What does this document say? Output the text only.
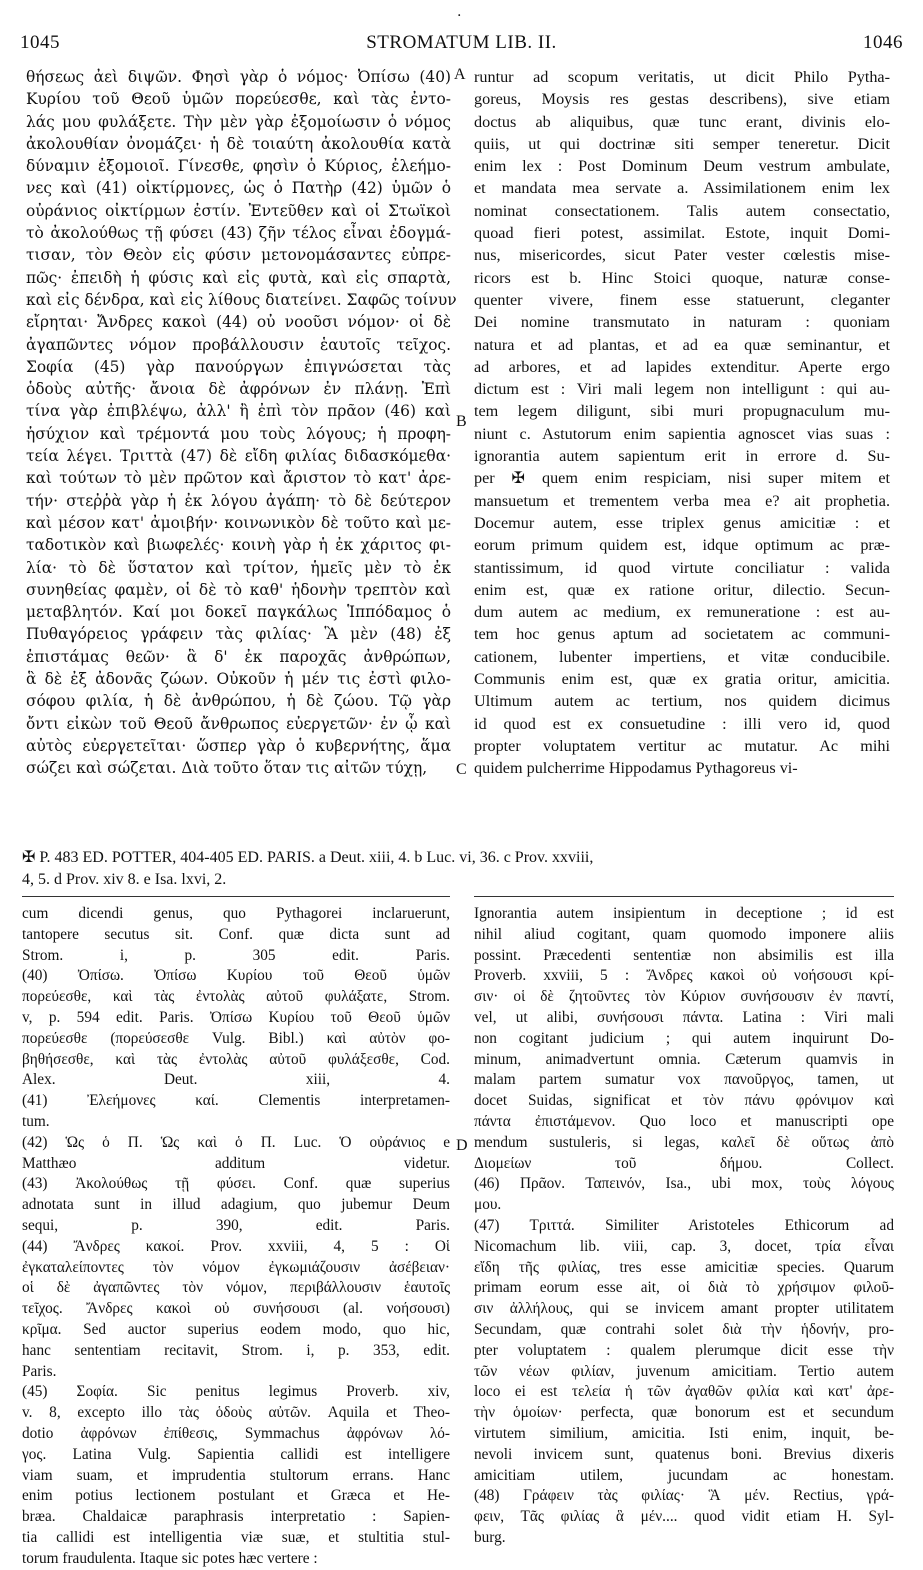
.
1045	STROMATUM LIB. II.	1046
θήσεως ἀεὶ διψῶν. Φησὶ γὰρ ὁ νόμος· Ὀπίσω (40)
Κυρίου τοῦ Θεοῦ ὑμῶν πορεύεσθε, καὶ τὰς ἐντο-
λάς μου φυλάξετε. Τὴν μὲν γὰρ ἐξομοίωσιν ὁ νόμος
ἀκολουθίαν ὀνομάζει· ἡ δὲ τοιαύτη ἀκολουθία κατὰ
δύναμιν ἐξομοιοῖ. Γίνεσθε, φησὶν ὁ Κύριος, ἐλεήμο-
νες καὶ (41) οἰκτίρμονες, ὡς ὁ Πατὴρ (42) ὑμῶν ὁ
οὐράνιος οἰκτίρμων ἐστίν. Ἐντεῦθεν καὶ οἱ Στωϊκοὶ
τὸ ἀκολούθως τῇ φύσει (43) ζῆν τέλος εἶναι ἐδογμά-
τισαν, τὸν Θεὸν εἰς φύσιν μετονομάσαντες εὐπρε-
πῶς· ἐπειδὴ ἡ φύσις καὶ εἰς φυτὰ, καὶ εἰς σπαρτὰ,
καὶ εἰς δένδρα, καὶ εἰς λίθους διατείνει. Σαφῶς τοίνυν
εἴρηται· Ἄνδρες κακοὶ (44) οὐ νοοῦσι νόμον· οἱ δὲ
ἀγαπῶντες νόμον προβάλλουσιν ἑαυτοῖς τεῖχος.
Σοφία (45) γὰρ πανούργων ἐπιγνώσεται τὰς
ὁδοὺς αὐτῆς· ἄνοια δὲ ἀφρόνων ἐν πλάνῃ. Ἐπὶ
τίνα γὰρ ἐπιβλέψω, ἀλλ' ἢ ἐπὶ τὸν πρᾶον (46) καὶ
ἡσύχιον καὶ τρέμοντά μου τοὺς λόγους; ἡ προφη-
τεία λέγει. Τριττὰ (47) δὲ εἴδη φιλίας διδασκόμεθα·
καὶ τούτων τὸ μὲν πρῶτον καὶ ἄριστον τὸ κατ' ἀρε-
τήν· στεῤῥὰ γὰρ ἡ ἐκ λόγου ἀγάπη· τὸ δὲ δεύτερον
καὶ μέσον κατ' ἀμοιβήν· κοινωνικὸν δὲ τοῦτο καὶ με-
ταδοτικὸν καὶ βιωφελές· κοινὴ γὰρ ἡ ἐκ χάριτος φι-
λία· τὸ δὲ ὕστατον καὶ τρίτον, ἡμεῖς μὲν τὸ ἐκ
συνηθείας φαμὲν, οἱ δὲ τὸ καθ' ἡδονὴν τρεπτὸν καὶ
μεταβλητόν. Καί μοι δοκεῖ παγκάλως Ἱππόδαμος ὁ
Πυθαγόρειος γράφειν τὰς φιλίας· Ἃ μὲν (48) ἐξ
ἐπιστάμας θεῶν· ἃ δ' ἐκ παροχᾶς ἀνθρώπων,
ἃ δὲ ἐξ ἀδονᾶς ζώων. Οὐκοῦν ἡ μέν τις ἐστὶ φιλο-
σόφου φιλία, ἡ δὲ ἀνθρώπου, ἡ δὲ ζώου. Τῷ γὰρ
ὄντι εἰκὼν τοῦ Θεοῦ ἄνθρωπος εὐεργετῶν· ἐν ᾧ καὶ
αὐτὸς εὐεργετεῖται· ὥσπερ γὰρ ὁ κυβερνήτης, ἅμα
σώζει καὶ σώζεται. Διὰ τοῦτο ὅταν τις αἰτῶν τύχῃ,
runtur ad scopum veritatis, ut dicit Philo Pytha-
goreus, Moysis res gestas describens), sive etiam
doctus ab aliquibus, quæ tunc erant, divinis elo-
quiis, ut qui doctrinæ siti semper teneretur. Dicit
enim lex : Post Dominum Deum vestrum ambulate,
et mandata mea servate a. Assimilationem enim lex
nominat consectationem. Talis autem consectatio,
quoad fieri potest, assimilat. Estote, inquit Domi-
nus, misericordes, sicut Pater vester cœlestis mise-
ricors est b. Hinc Stoici quoque, naturæ conse-
quenter vivere, finem esse statuerunt, cleganter
Dei nomine transmutato in naturam : quoniam
natura et ad plantas, et ad ea quæ seminantur, et
ad arbores, et ad lapides extenditur. Aperte ergo
dictum est : Viri mali legem non intelligunt : qui au-
tem legem diligunt, sibi muri propugnaculum mu-
niunt c. Astutorum enim sapientia agnoscet vias suas :
ignorantia autem sapientum erit in errore d. Su-
per ✠ quem enim respiciam, nisi super mitem et
mansuetum et trementem verba mea e? ait prophetia.
Docemur autem, esse triplex genus amicitiæ : et
eorum primum quidem est, idque optimum ac præ-
stantissimum, id quod virtute conciliatur : valida
enim est, quæ ex ratione oritur, dilectio. Secun-
dum autem ac medium, ex remuneratione : est au-
tem hoc genus aptum ad societatem ac communi-
cationem, lubenter impertiens, et vitæ conducibile.
Communis enim est, quæ ex gratia oritur, amicitia.
Ultimum autem ac tertium, nos quidem dicimus
id quod est ex consuetudine : illi vero id, quod
propter voluptatem vertitur ac mutatur. Ac mihi
quidem pulcherrime Hippodamus Pythagoreus vi-
A
B
C
D
✠ P. 483 ED. POTTER, 404-405 ED. PARIS. a Deut. xiii, 4. b Luc. vi, 36. c Prov. xxviii,
4, 5. d Prov. xiv 8. e Isa. lxvi, 2.
cum dicendi genus, quo Pythagorei inclaruerunt,
tantopere secutus sit. Conf. quæ dicta sunt ad
Strom. i, p. 305 edit. Paris.
(40) Ὀπίσω. Ὀπίσω Κυρίου τοῦ Θεοῦ ὑμῶν
πορεύεσθε, καὶ τὰς ἐντολὰς αὐτοῦ φυλάξατε, Strom.
v, p. 594 edit. Paris. Ὀπίσω Κυρίου τοῦ Θεοῦ ὑμῶν
πορεύεσθε (πορεύσεσθε Vulg. Bibl.) καὶ αὐτὸν φο-
βηθήσεσθε, καὶ τὰς ἐντολὰς αὐτοῦ φυλάξεσθε, Cod.
Alex. Deut. xiii, 4.
(41) Ἐλεήμονες καί. Clementis interpretamen-
tum.
(42) Ὡς ὁ Π. Ὡς καὶ ὁ Π. Luc. Ὁ οὐράνιος e
Matthæo additum videtur.
(43) Ἀκολούθως τῇ φύσει. Conf. quæ superius
adnotata sunt in illud adagium, quo jubemur Deum
sequi, p. 390, edit. Paris.
(44) Ἄνδρες κακοί. Prov. xxviii, 4, 5 : Οἱ
ἐγκαταλείποντες τὸν νόμον ἐγκωμιάζουσιν ἀσέβειαν·
οἱ δὲ ἀγαπῶντες τὸν νόμον, περιβάλλουσιν ἑαυτοῖς
τεῖχος. Ἄνδρες κακοὶ οὐ συνήσουσι (al. νοήσουσι)
κρῖμα. Sed auctor superius eodem modo, quo hic,
hanc sententiam recitavit, Strom. i, p. 353, edit.
Paris.
(45) Σοφία. Sic penitus legimus Proverb. xiv,
v. 8, excepto illo τὰς ὁδοὺς αὐτῶν. Aquila et Theo-
dotio ἀφρόνων ἐπίθεσις, Symmachus ἀφρόνων λό-
γος. Latina Vulg. Sapientia callidi est intelligere
viam suam, et imprudentia stultorum errans. Hanc
enim potius lectionem postulant et Græca et He-
bræa. Chaldaicæ paraphrasis interpretatio : Sapien-
tia callidi est intelligentia viæ suæ, et stultitia stul-
torum fraudulenta. Itaque sic potes hæc vertere :
Ignorantia autem insipientum in deceptione ; id est
nihil aliud cogitant, quam quomodo imponere aliis
possint. Præcedenti sententiæ non absimilis est illa
Proverb. xxviii, 5 : Ἄνδρες κακοὶ οὐ νοήσουσι κρί-
σιν· οἱ δὲ ζητοῦντες τὸν Κύριον συνήσουσιν ἐν παντί,
vel, ut alibi, συνήσουσι πάντα. Latina : Viri mali
non cogitant judicium ; qui autem inquirunt Do-
minum, animadvertunt omnia. Cæterum quamvis in
malam partem sumatur vox πανοῦργος, tamen, ut
docet Suidas, significat et τὸν πάνυ φρόνιμον καὶ
πάντα ἐπιστάμενον. Quo loco et manuscripti ope
mendum sustuleris, si legas, καλεῖ δὲ οὕτως ἀπὸ
Διομείων τοῦ δήμου. Collect.
(46) Πρᾶον. Ταπεινόν, Isa., ubi mox, τοὺς λόγους
μου.
(47) Τριττά. Similiter Aristoteles Ethicorum ad
Nicomachum lib. viii, cap. 3, docet, τρία εἶναι
εἴδη τῆς φιλίας, tres esse amicitiæ species. Quarum
primam eorum esse ait, οἱ διὰ τὸ χρήσιμον φιλοῦ-
σιν ἀλλήλους, qui se invicem amant propter utilitatem
Secundam, quæ contrahi solet διὰ τὴν ἡδονήν, pro-
pter voluptatem : qualem plerumque dicit esse τὴν
τῶν νέων φιλίαν, juvenum amicitiam. Tertio autem
loco ei est τελεία ἡ τῶν ἀγαθῶν φιλία καὶ κατ' ἀρε-
τὴν ὁμοίων· perfecta, quæ bonorum est et secundum
virtutem similium, amicitia. Isti enim, inquit, be-
nevoli invicem sunt, quatenus boni. Brevius dixeris
amicitiam utilem, jucundam ac honestam.
(48) Γράφειν τὰς φιλίας· Ἃ μέν. Rectius, γρά-
φειν, Τᾶς φιλίας ἃ μέν.... quod vidit etiam H. Syl-
burg.
